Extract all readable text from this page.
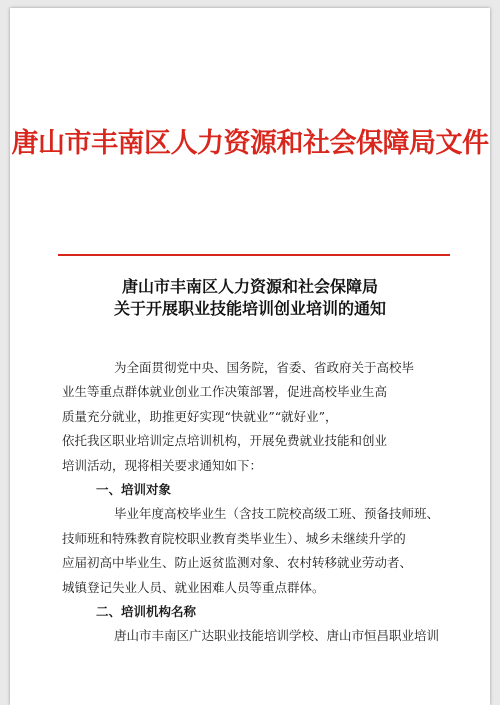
唐山市丰南区人力资源和社会保障局文件
唐山市丰南区人力资源和社会保障局
关于开展职业技能培训创业培训的通知
为全面贯彻党中央、国务院，省委、省政府关于高校毕
业生等重点群体就业创业工作决策部署，促进高校毕业生高
质量充分就业，助推更好实现“快就业”“就好业”，
依托我区职业培训定点培训机构，开展免费就业技能和创业
培训活动，现将相关要求通知如下：
一、培训对象
毕业年度高校毕业生（含技工院校高级工班、预备技师班、
技师班和特殊教育院校职业教育类毕业生）、城乡未继续升学的
应届初高中毕业生、防止返贫监测对象、农村转移就业劳动者、
城镇登记失业人员、就业困难人员等重点群体。
二、培训机构名称
唐山市丰南区广达职业技能培训学校、唐山市恒昌职业培训
